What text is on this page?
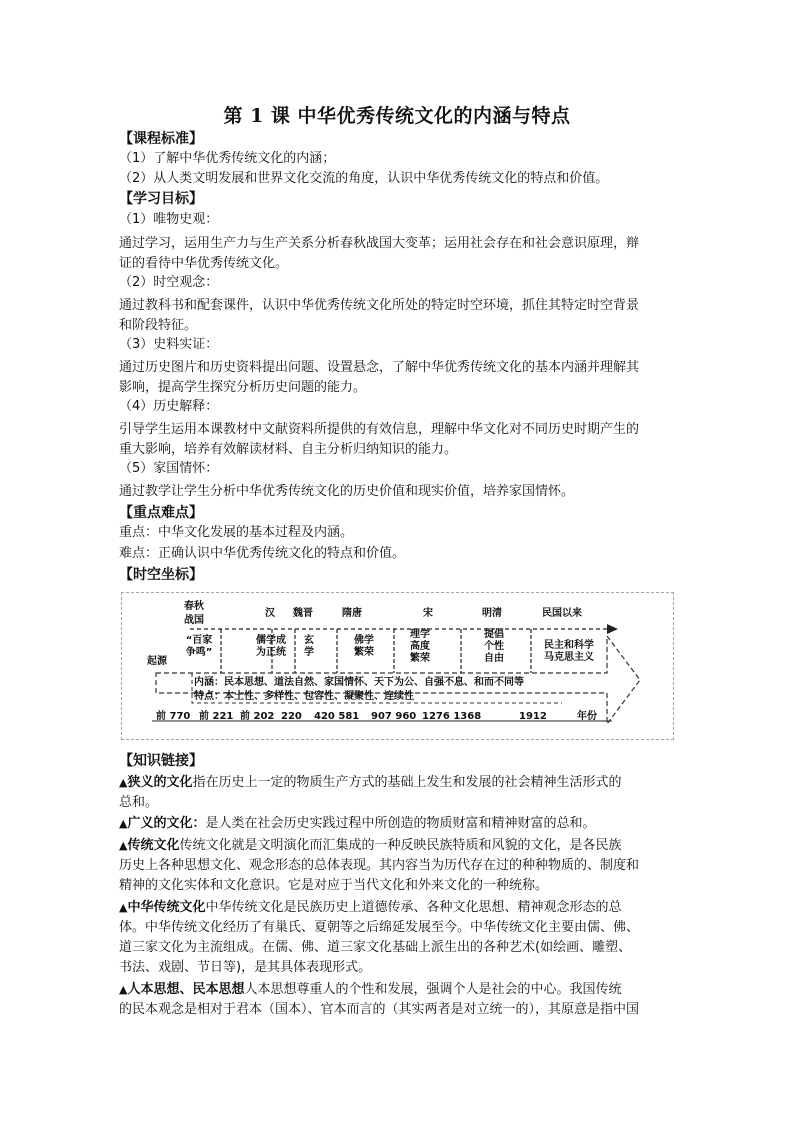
第 1 课 中华优秀传统文化的内涵与特点
【课程标准】
（1）了解中华优秀传统文化的内涵；
（2）从人类文明发展和世界文化交流的角度，认识中华优秀传统文化的特点和价值。
【学习目标】
（1）唯物史观：
通过学习，运用生产力与生产关系分析春秋战国大变革；运用社会存在和社会意识原理，辩
证的看待中华优秀传统文化。
（2）时空观念：
通过教科书和配套课件，认识中华优秀传统文化所处的特定时空环境，抓住其特定时空背景
和阶段特征。
（3）史料实证：
通过历史图片和历史资料提出问题、设置悬念，了解中华优秀传统文化的基本内涵并理解其
影响，提高学生探究分析历史问题的能力。
（4）历史解释：
引导学生运用本课教材中文献资料所提供的有效信息，理解中华文化对不同历史时期产生的
重大影响，培养有效解读材料、自主分析归纳知识的能力。
（5）家国情怀：
通过教学让学生分析中华优秀传统文化的历史价值和现实价值，培养家国情怀。
【重点难点】
重点：中华文化发展的基本过程及内涵。
难点：正确认识中华优秀传统文化的特点和价值。
【时空坐标】
春秋
战国
汉 魏晋	隋唐	宋	明清	民国以来
起源
“百家
争鸣”
儒学成
为正统
玄
学
佛学
繁荣
理学
高度
繁荣
提倡
个性
自由
民主和科学
马克思主义
内涵：民本思想、道法自然、家国情怀、天下为公、自强不息、和而不同等
特点：本土性、多样性、包容性、凝聚性、连续性
前 770 前 221 前 202 220 420 581 907 960 1276 1368	1912	年份
【知识链接】
▲狭义的文化指在历史上一定的物质生产方式的基础上发生和发展的社会精神生活形式的
总和。
▲广义的文化：是人类在社会历史实践过程中所创造的物质财富和精神财富的总和。
▲传统文化传统文化就是文明演化而汇集成的一种反映民族特质和风貌的文化，是各民族
历史上各种思想文化、观念形态的总体表现。其内容当为历代存在过的种种物质的、制度和
精神的文化实体和文化意识。它是对应于当代文化和外来文化的一种统称。
▲中华传统文化中华传统文化是民族历史上道德传承、各种文化思想、精神观念形态的总
体。中华传统文化经历了有巢氏、夏朝等之后绵延发展至今。中华传统文化主要由儒、佛、
道三家文化为主流组成。在儒、佛、道三家文化基础上派生出的各种艺术(如绘画、雕塑、
书法、戏剧、节日等)，是其具体表现形式。
▲人本思想、民本思想人本思想尊重人的个性和发展，强调个人是社会的中心。我国传统
的民本观念是相对于君本（国本）、官本而言的（其实两者是对立统一的），其原意是指中国
